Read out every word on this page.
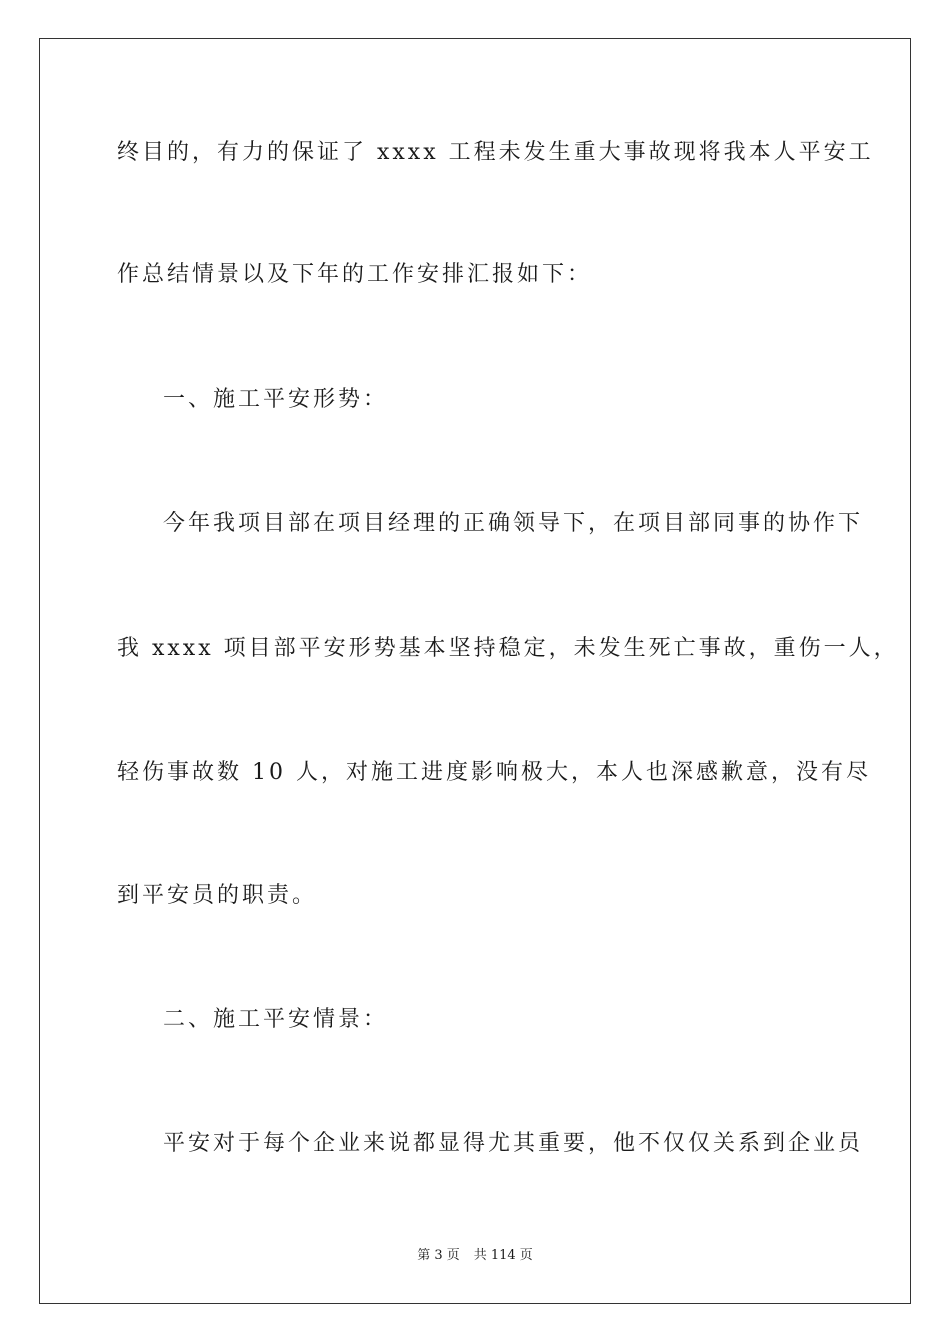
终目的，有力的保证了 xxxx 工程未发生重大事故现将我本人平安工
作总结情景以及下年的工作安排汇报如下：
一、施工平安形势：
今年我项目部在项目经理的正确领导下，在项目部同事的协作下
我 xxxx 项目部平安形势基本坚持稳定，未发生死亡事故，重伤一人，
轻伤事故数 10 人，对施工进度影响极大，本人也深感歉意，没有尽
到平安员的职责。
二、施工平安情景：
平安对于每个企业来说都显得尤其重要，他不仅仅关系到企业员
第 3 页 共 114 页
